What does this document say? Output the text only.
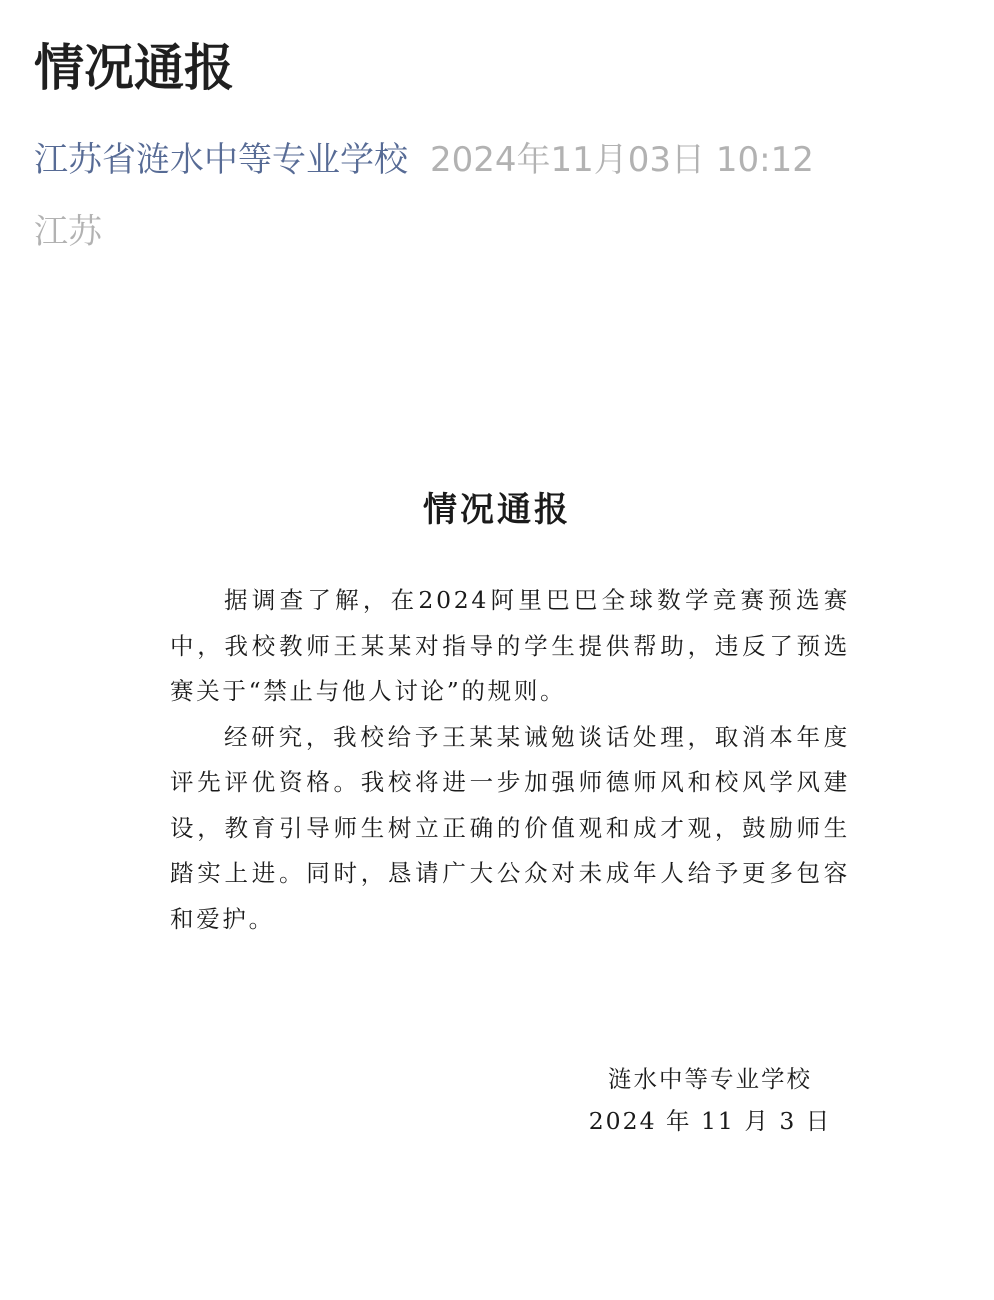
情况通报
江苏省涟水中等专业学校 2024年11月03日 10:12
江苏
情况通报

据调查了解，在2024阿里巴巴全球数学竞赛预选赛中，我校教师王某某对指导的学生提供帮助，违反了预选赛关于“禁止与他人讨论”的规则。

经研究，我校给予王某某诫勉谈话处理，取消本年度评先评优资格。我校将进一步加强师德师风和校风学风建设，教育引导师生树立正确的价值观和成才观，鼓励师生踏实上进。同时，恳请广大公众对未成年人给予更多包容和爱护。

涟水中等专业学校
2024 年 11 月 3 日
